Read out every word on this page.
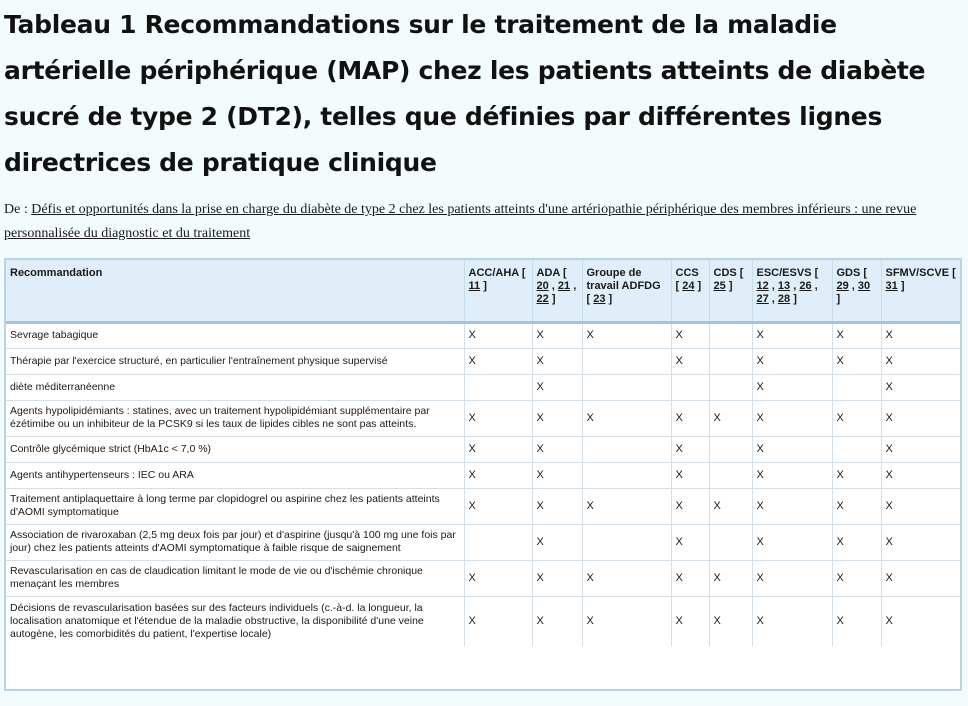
Tableau 1 Recommandations sur le traitement de la maladie artérielle périphérique (MAP) chez les patients atteints de diabète sucré de type 2 (DT2), telles que définies par différentes lignes directrices de pratique clinique
De : Défis et opportunités dans la prise en charge du diabète de type 2 chez les patients atteints d'une artériopathie périphérique des membres inférieurs : une revue personnalisée du diagnostic et du traitement
Recommandation	ACC/AHA [ 11 ]	ADA [ 20 , 21 , 22 ]	Groupe de travail ADFDG [ 23 ]	CCS [ 24 ]	CDS [ 25 ]	ESC/ESVS [ 12 , 13 , 26 , 27 , 28 ]	GDS [ 29 , 30 ]	SFMV/SCVE [ 31 ]
Sevrage tabagique	X	X	X	X		X	X	X
Thérapie par l'exercice structuré, en particulier l'entraînement physique supervisé	X	X		X		X	X	X
diète méditerranéenne		X				X		X
Agents hypolipidémiants : statines, avec un traitement hypolipidémiant supplémentaire par ézétimibe ou un inhibiteur de la PCSK9 si les taux de lipides cibles ne sont pas atteints.	X	X	X	X	X	X	X	X
Contrôle glycémique strict (HbA1c < 7,0 %)	X	X		X		X		X
Agents antihypertenseurs : IEC ou ARA	X	X		X		X	X	X
Traitement antiplaquettaire à long terme par clopidogrel ou aspirine chez les patients atteints d'AOMI symptomatique	X	X	X	X	X	X	X	X
Association de rivaroxaban (2,5 mg deux fois par jour) et d'aspirine (jusqu'à 100 mg une fois par jour) chez les patients atteints d'AOMI symptomatique à faible risque de saignement		X		X		X	X	X
Revascularisation en cas de claudication limitant le mode de vie ou d'ischémie chronique menaçant les membres	X	X	X	X	X	X	X	X
Décisions de revascularisation basées sur des facteurs individuels (c.-à-d. la longueur, la localisation anatomique et l'étendue de la maladie obstructive, la disponibilité d'une veine autogène, les comorbidités du patient, l'expertise locale)	X	X	X	X	X	X	X	X
